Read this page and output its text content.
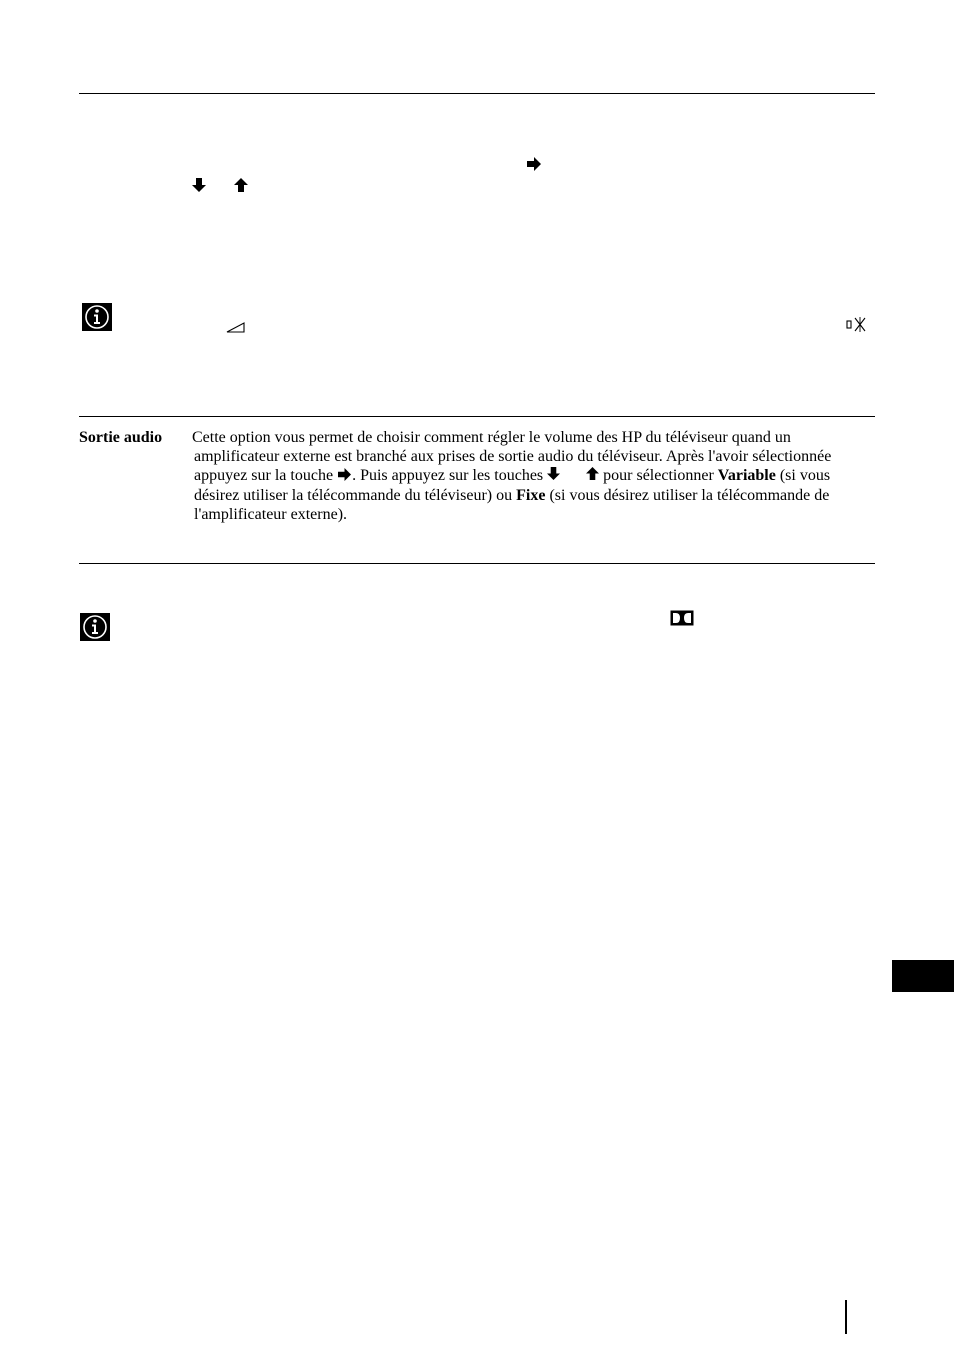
Sortie audio Cette option vous permet de choisir comment régler le volume des HP du téléviseur quand un
amplificateur externe est branché aux prises de sortie audio du téléviseur. Après l'avoir sélectionnée
appuyez sur la touche . Puis appuyez sur les touches	pour sélectionner Variable (si vous
désirez utiliser la télécommande du téléviseur) ou Fixe (si vous désirez utiliser la télécommande de
l'amplificateur externe).
